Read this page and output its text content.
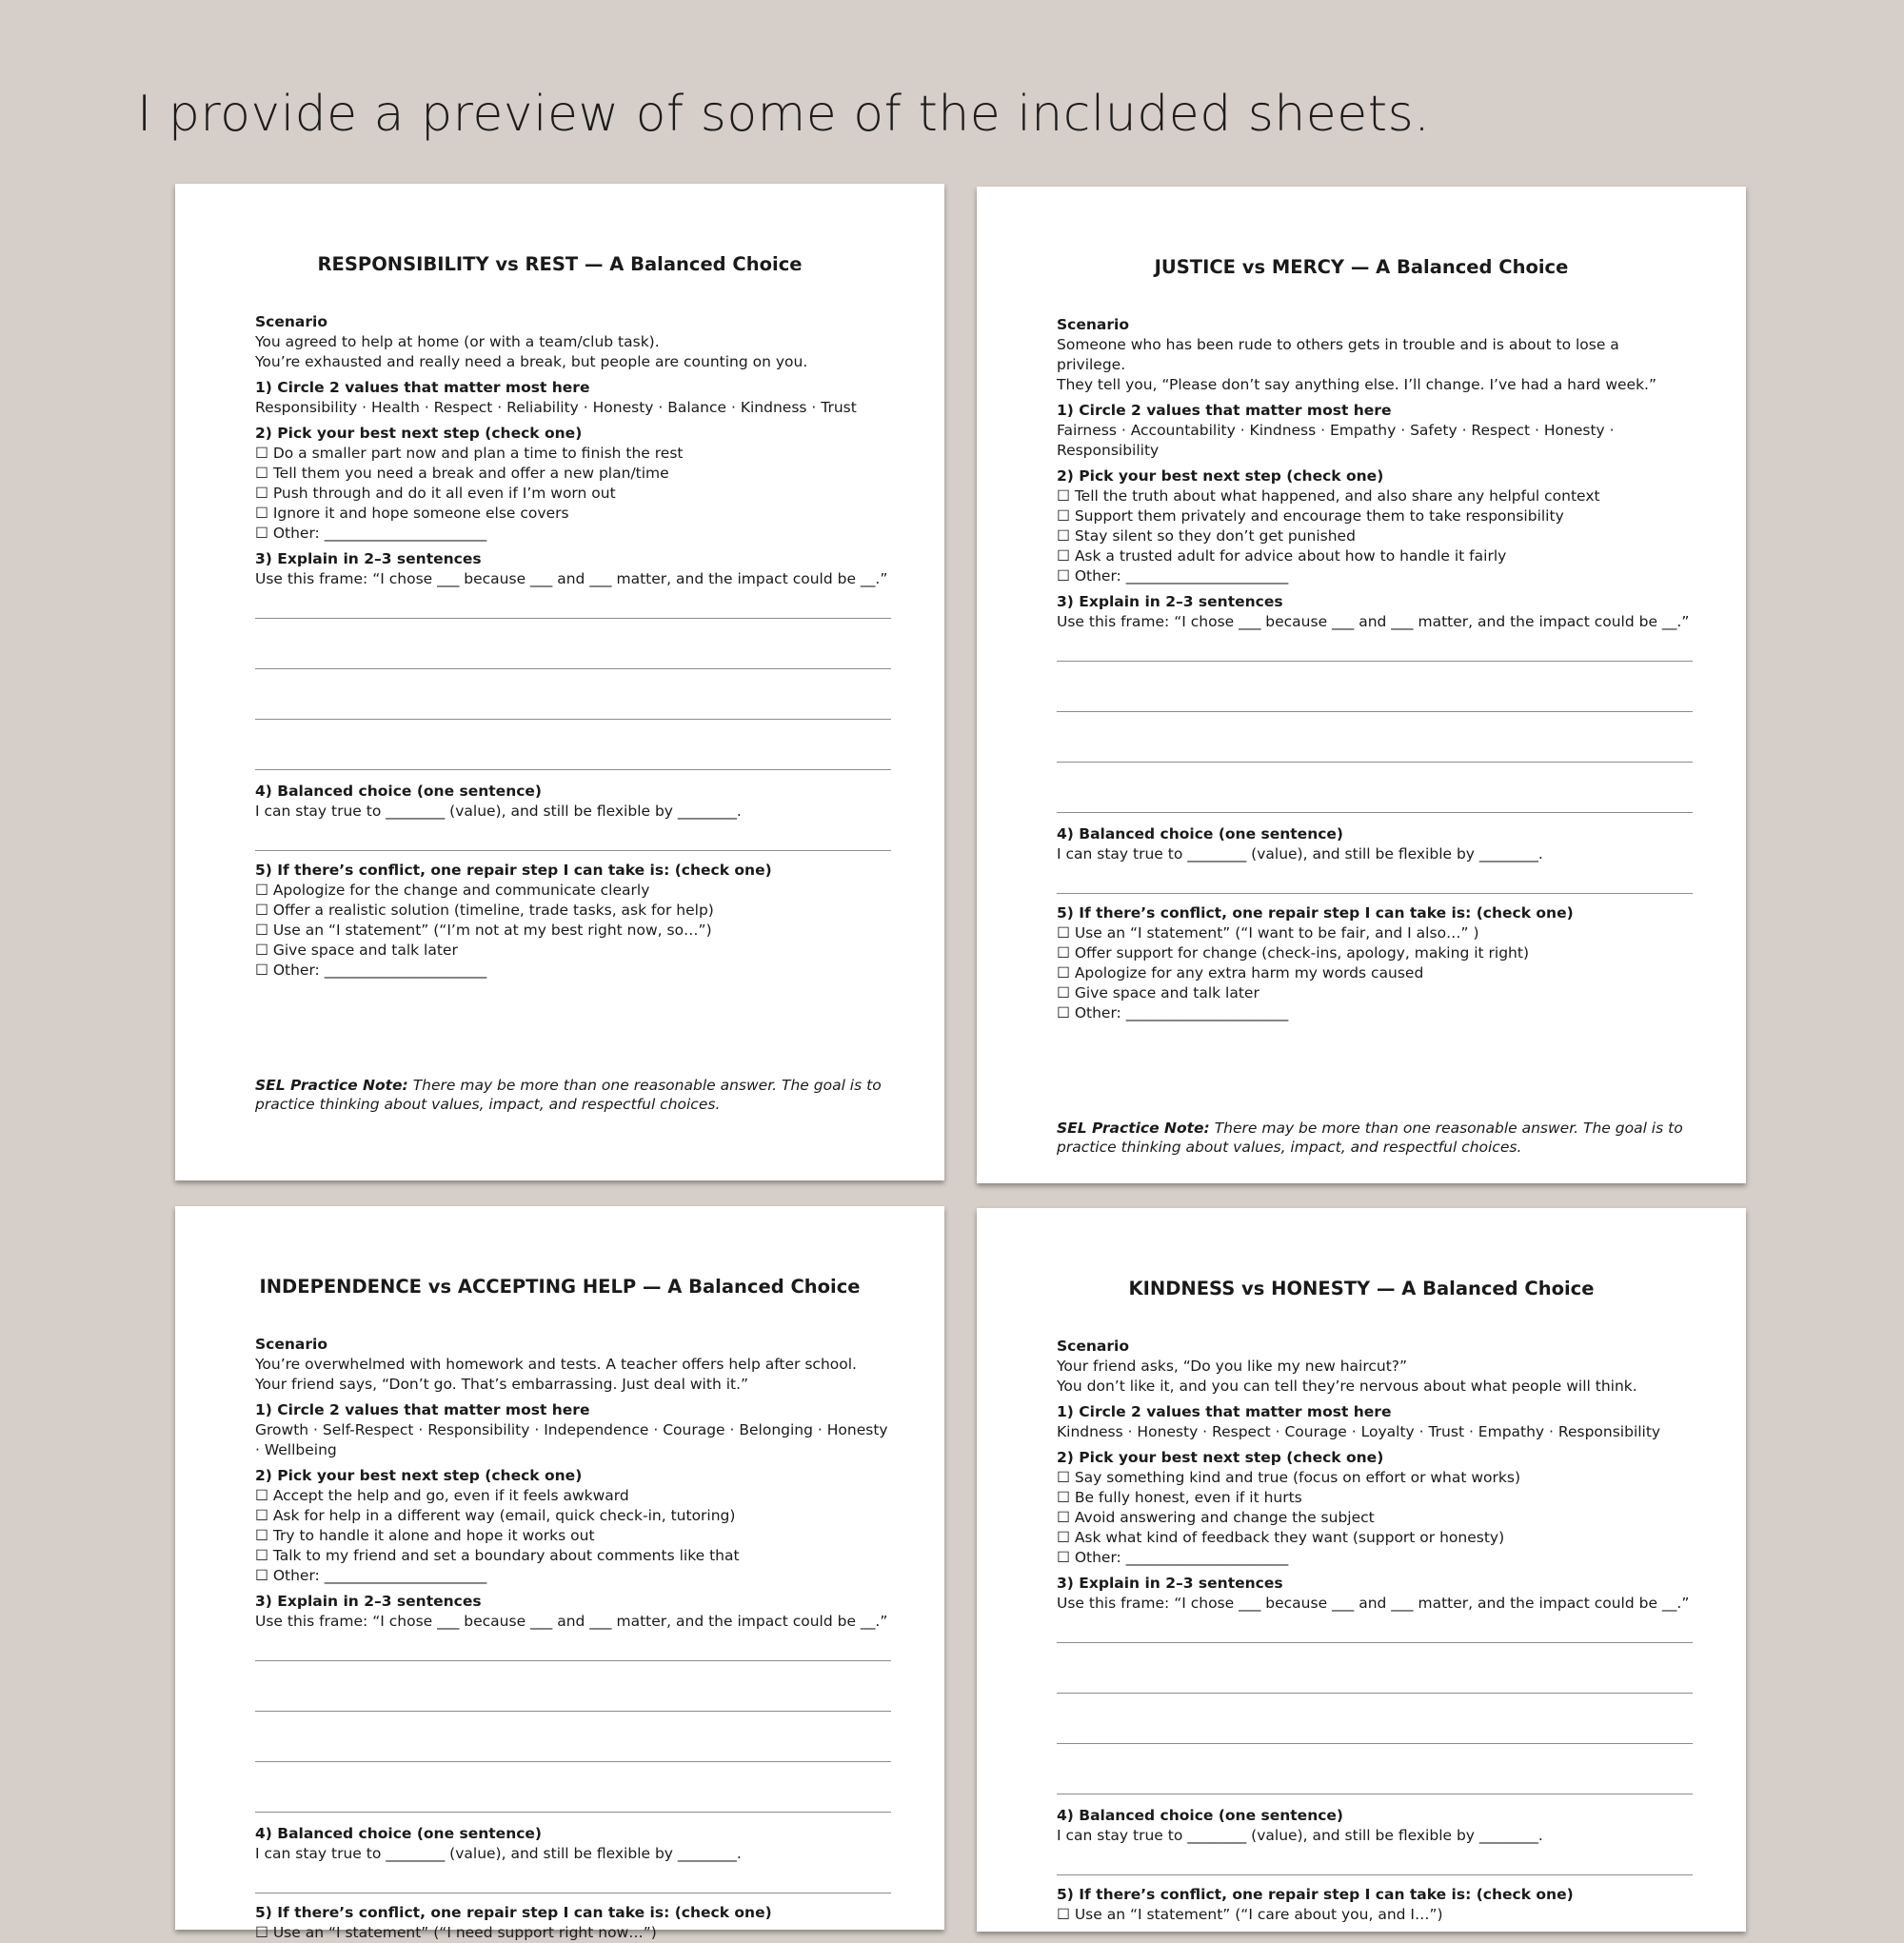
I provide a preview of some of the included sheets.
RESPONSIBILITY vs REST — A Balanced Choice
Scenario
You agreed to help at home (or with a team/club task).
You’re exhausted and really need a break, but people are counting on you.
1) Circle 2 values that matter most here
Responsibility · Health · Respect · Reliability · Honesty · Balance · Kindness · Trust
2) Pick your best next step (check one)
☐ Do a smaller part now and plan a time to finish the rest
☐ Tell them you need a break and offer a new plan/time
☐ Push through and do it all even if I’m worn out
☐ Ignore it and hope someone else covers
☐ Other: ______________________
3) Explain in 2–3 sentences
Use this frame: “I chose ___ because ___ and ___ matter, and the impact could be __.”
4) Balanced choice (one sentence)
I can stay true to ________ (value), and still be flexible by ________.
5) If there’s conflict, one repair step I can take is: (check one)
☐ Apologize for the change and communicate clearly
☐ Offer a realistic solution (timeline, trade tasks, ask for help)
☐ Use an “I statement” (“I’m not at my best right now, so…”)
☐ Give space and talk later
☐ Other: ______________________
SEL Practice Note: There may be more than one reasonable answer. The goal is to practice thinking about values, impact, and respectful choices.
JUSTICE vs MERCY — A Balanced Choice
Scenario
Someone who has been rude to others gets in trouble and is about to lose a
privilege.
They tell you, “Please don’t say anything else. I’ll change. I’ve had a hard week.”
1) Circle 2 values that matter most here
Fairness · Accountability · Kindness · Empathy · Safety · Respect · Honesty · Responsibility
2) Pick your best next step (check one)
☐ Tell the truth about what happened, and also share any helpful context
☐ Support them privately and encourage them to take responsibility
☐ Stay silent so they don’t get punished
☐ Ask a trusted adult for advice about how to handle it fairly
☐ Other: ______________________
3) Explain in 2–3 sentences
Use this frame: “I chose ___ because ___ and ___ matter, and the impact could be __.”
4) Balanced choice (one sentence)
I can stay true to ________ (value), and still be flexible by ________.
5) If there’s conflict, one repair step I can take is: (check one)
☐ Use an “I statement” (“I want to be fair, and I also…” )
☐ Offer support for change (check-ins, apology, making it right)
☐ Apologize for any extra harm my words caused
☐ Give space and talk later
☐ Other: ______________________
SEL Practice Note: There may be more than one reasonable answer. The goal is to practice thinking about values, impact, and respectful choices.
INDEPENDENCE vs ACCEPTING HELP — A Balanced Choice
Scenario
You’re overwhelmed with homework and tests. A teacher offers help after school.
Your friend says, “Don’t go. That’s embarrassing. Just deal with it.”
1) Circle 2 values that matter most here
Growth · Self-Respect · Responsibility · Independence · Courage · Belonging · Honesty · Wellbeing
2) Pick your best next step (check one)
☐ Accept the help and go, even if it feels awkward
☐ Ask for help in a different way (email, quick check-in, tutoring)
☐ Try to handle it alone and hope it works out
☐ Talk to my friend and set a boundary about comments like that
☐ Other: ______________________
3) Explain in 2–3 sentences
Use this frame: “I chose ___ because ___ and ___ matter, and the impact could be __.”
4) Balanced choice (one sentence)
I can stay true to ________ (value), and still be flexible by ________.
5) If there’s conflict, one repair step I can take is: (check one)
☐ Use an “I statement” (“I need support right now…”)
KINDNESS vs HONESTY — A Balanced Choice
Scenario
Your friend asks, “Do you like my new haircut?”
You don’t like it, and you can tell they’re nervous about what people will think.
1) Circle 2 values that matter most here
Kindness · Honesty · Respect · Courage · Loyalty · Trust · Empathy · Responsibility
2) Pick your best next step (check one)
☐ Say something kind and true (focus on effort or what works)
☐ Be fully honest, even if it hurts
☐ Avoid answering and change the subject
☐ Ask what kind of feedback they want (support or honesty)
☐ Other: ______________________
3) Explain in 2–3 sentences
Use this frame: “I chose ___ because ___ and ___ matter, and the impact could be __.”
4) Balanced choice (one sentence)
I can stay true to ________ (value), and still be flexible by ________.
5) If there’s conflict, one repair step I can take is: (check one)
☐ Use an “I statement” (“I care about you, and I…”)
